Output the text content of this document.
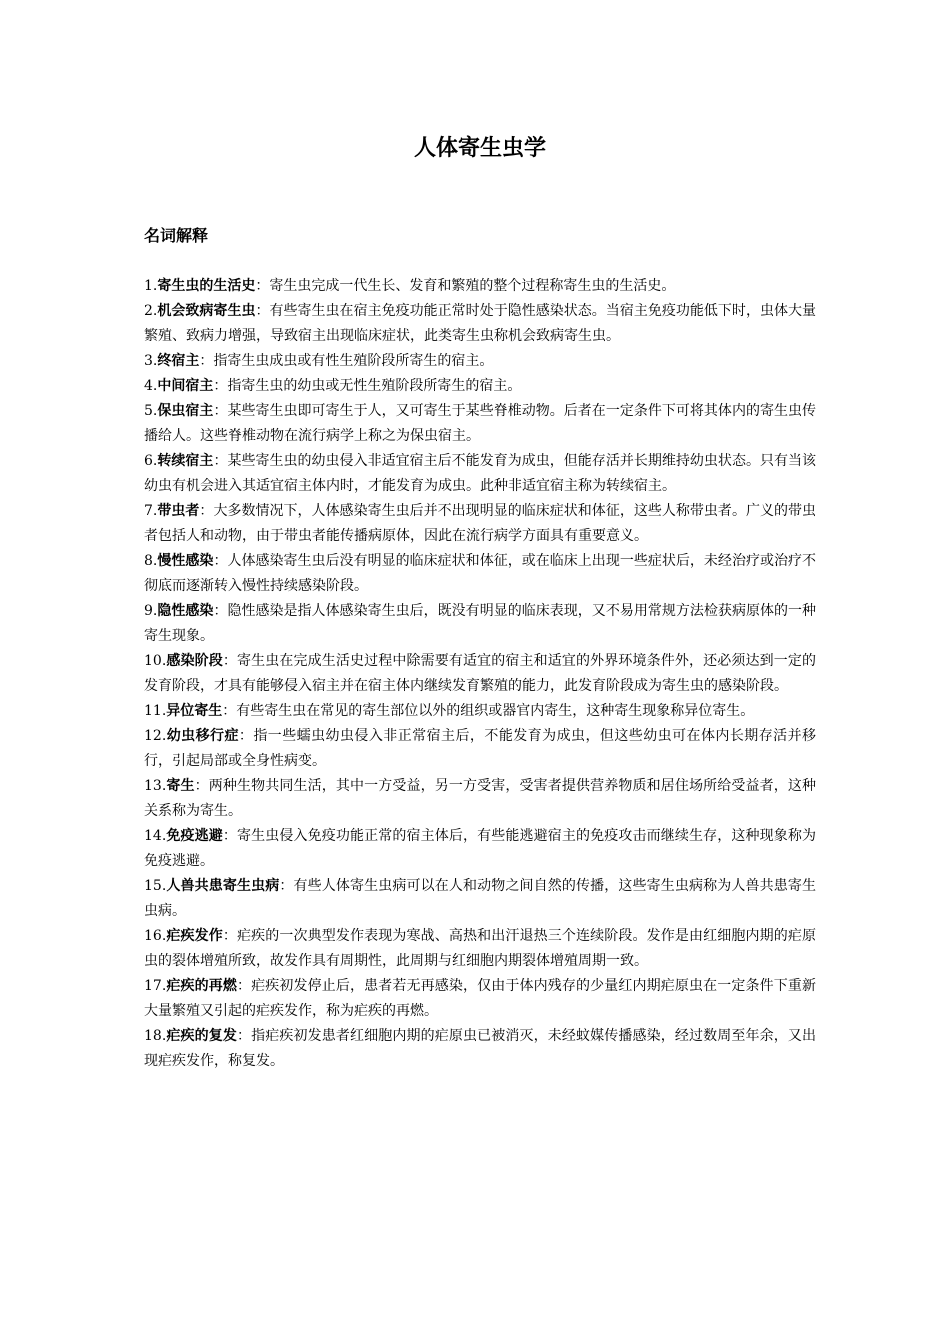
人体寄生虫学
名词解释
1.寄生虫的生活史：寄生虫完成一代生长、发育和繁殖的整个过程称寄生虫的生活史。
2.机会致病寄生虫：有些寄生虫在宿主免疫功能正常时处于隐性感染状态。当宿主免疫功能低下时，虫体大量繁殖、致病力增强，导致宿主出现临床症状，此类寄生虫称机会致病寄生虫。
3.终宿主：指寄生虫成虫或有性生殖阶段所寄生的宿主。
4.中间宿主：指寄生虫的幼虫或无性生殖阶段所寄生的宿主。
5.保虫宿主：某些寄生虫即可寄生于人，又可寄生于某些脊椎动物。后者在一定条件下可将其体内的寄生虫传播给人。这些脊椎动物在流行病学上称之为保虫宿主。
6.转续宿主：某些寄生虫的幼虫侵入非适宜宿主后不能发育为成虫，但能存活并长期维持幼虫状态。只有当该幼虫有机会进入其适宜宿主体内时，才能发育为成虫。此种非适宜宿主称为转续宿主。
7.带虫者：大多数情况下，人体感染寄生虫后并不出现明显的临床症状和体征，这些人称带虫者。广义的带虫者包括人和动物，由于带虫者能传播病原体，因此在流行病学方面具有重要意义。
8.慢性感染：人体感染寄生虫后没有明显的临床症状和体征，或在临床上出现一些症状后，未经治疗或治疗不彻底而逐渐转入慢性持续感染阶段。
9.隐性感染：隐性感染是指人体感染寄生虫后，既没有明显的临床表现，又不易用常规方法检获病原体的一种寄生现象。
10.感染阶段：寄生虫在完成生活史过程中除需要有适宜的宿主和适宜的外界环境条件外，还必须达到一定的发育阶段，才具有能够侵入宿主并在宿主体内继续发育繁殖的能力，此发育阶段成为寄生虫的感染阶段。
11.异位寄生：有些寄生虫在常见的寄生部位以外的组织或器官内寄生，这种寄生现象称异位寄生。
12.幼虫移行症：指一些蠕虫幼虫侵入非正常宿主后，不能发育为成虫，但这些幼虫可在体内长期存活并移行，引起局部或全身性病变。
13.寄生：两种生物共同生活，其中一方受益，另一方受害，受害者提供营养物质和居住场所给受益者，这种关系称为寄生。
14.免疫逃避：寄生虫侵入免疫功能正常的宿主体后，有些能逃避宿主的免疫攻击而继续生存，这种现象称为免疫逃避。
15.人兽共患寄生虫病：有些人体寄生虫病可以在人和动物之间自然的传播，这些寄生虫病称为人兽共患寄生虫病。
16.疟疾发作：疟疾的一次典型发作表现为寒战、高热和出汗退热三个连续阶段。发作是由红细胞内期的疟原虫的裂体增殖所致，故发作具有周期性，此周期与红细胞内期裂体增殖周期一致。
17.疟疾的再燃：疟疾初发停止后，患者若无再感染，仅由于体内残存的少量红内期疟原虫在一定条件下重新大量繁殖又引起的疟疾发作，称为疟疾的再燃。
18.疟疾的复发：指疟疾初发患者红细胞内期的疟原虫已被消灭，未经蚊媒传播感染，经过数周至年余，又出现疟疾发作，称复发。
